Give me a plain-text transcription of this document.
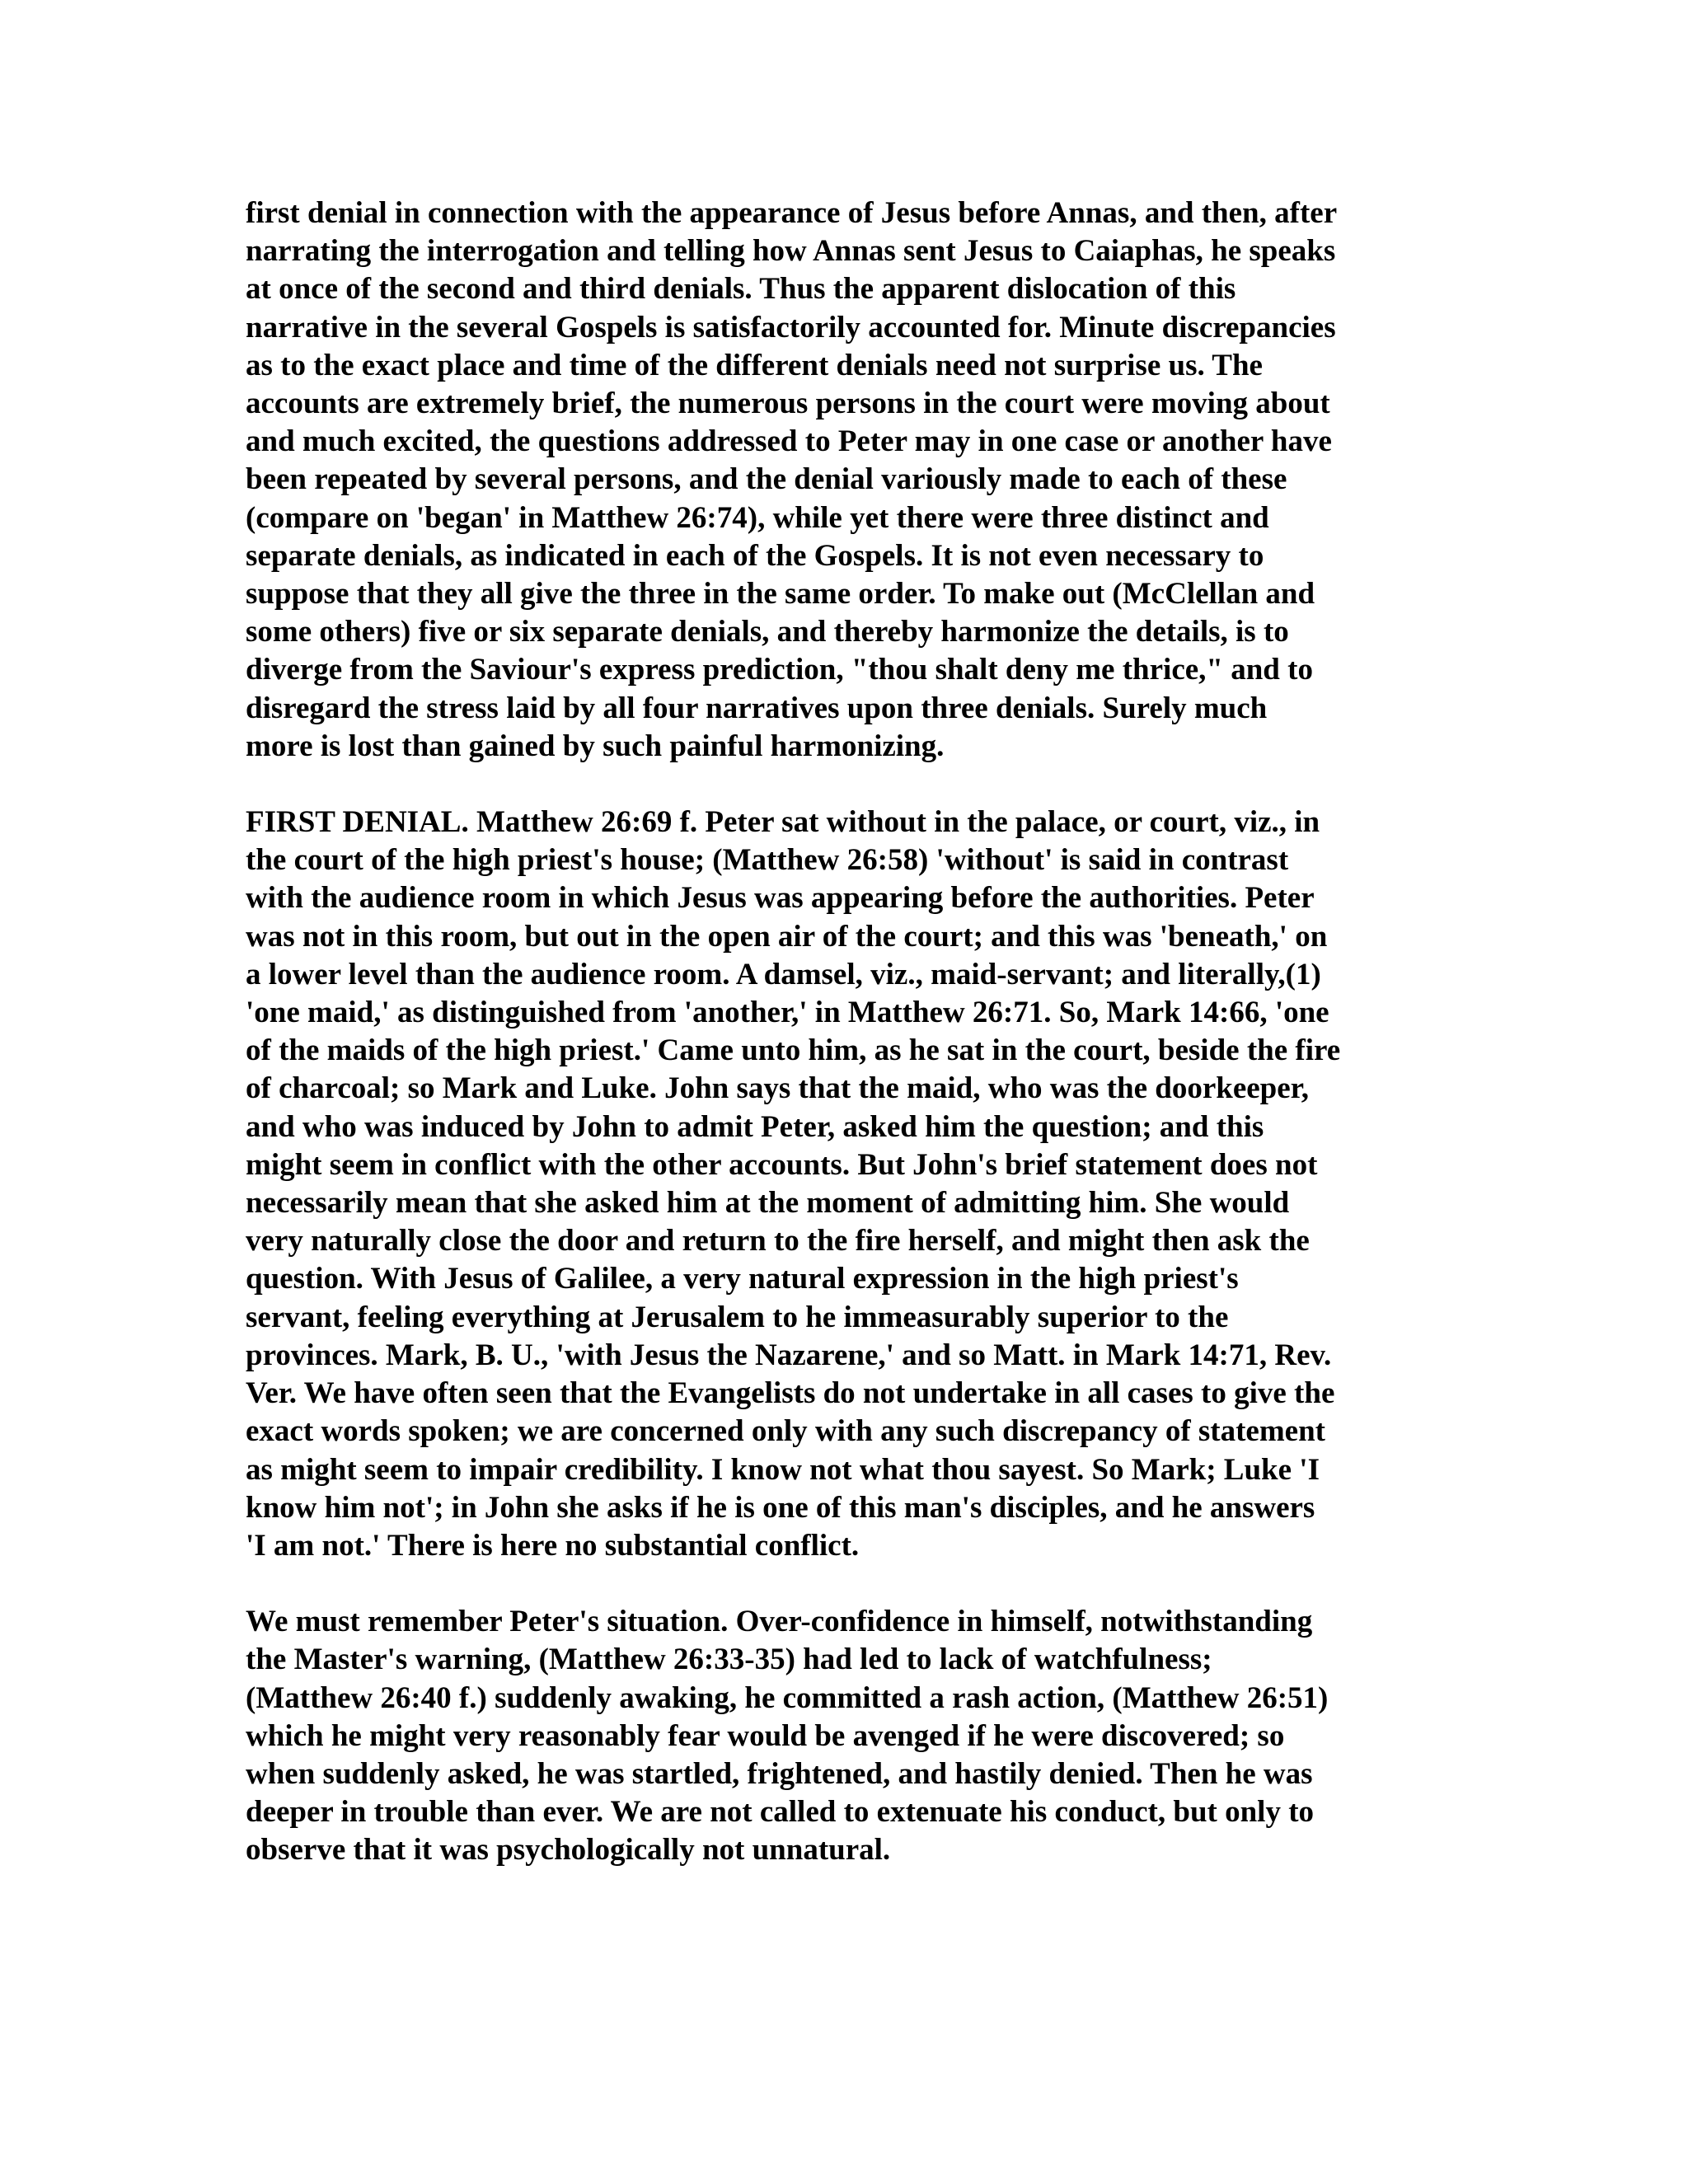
first denial in connection with the appearance of Jesus before Annas, and then, after
narrating the interrogation and telling how Annas sent Jesus to Caiaphas, he speaks
at once of the second and third denials. Thus the apparent dislocation of this
narrative in the several Gospels is satisfactorily accounted for. Minute discrepancies
as to the exact place and time of the different denials need not surprise us. The
accounts are extremely brief, the numerous persons in the court were moving about
and much excited, the questions addressed to Peter may in one case or another have
been repeated by several persons, and the denial variously made to each of these
(compare on 'began' in Matthew 26:74), while yet there were three distinct and
separate denials, as indicated in each of the Gospels. It is not even necessary to
suppose that they all give the three in the same order. To make out (McClellan and
some others) five or six separate denials, and thereby harmonize the details, is to
diverge from the Saviour's express prediction, "thou shalt deny me thrice," and to
disregard the stress laid by all four narratives upon three denials. Surely much
more is lost than gained by such painful harmonizing.
FIRST DENIAL. Matthew 26:69 f. Peter sat without in the palace, or court, viz., in
the court of the high priest's house; (Matthew 26:58) 'without' is said in contrast
with the audience room in which Jesus was appearing before the authorities. Peter
was not in this room, but out in the open air of the court; and this was 'beneath,' on
a lower level than the audience room. A damsel, viz., maid-servant; and literally,(1)
'one maid,' as distinguished from 'another,' in Matthew 26:71. So, Mark 14:66, 'one
of the maids of the high priest.' Came unto him, as he sat in the court, beside the fire
of charcoal; so Mark and Luke. John says that the maid, who was the doorkeeper,
and who was induced by John to admit Peter, asked him the question; and this
might seem in conflict with the other accounts. But John's brief statement does not
necessarily mean that she asked him at the moment of admitting him. She would
very naturally close the door and return to the fire herself, and might then ask the
question. With Jesus of Galilee, a very natural expression in the high priest's
servant, feeling everything at Jerusalem to he immeasurably superior to the
provinces. Mark, B. U., 'with Jesus the Nazarene,' and so Matt. in Mark 14:71, Rev.
Ver. We have often seen that the Evangelists do not undertake in all cases to give the
exact words spoken; we are concerned only with any such discrepancy of statement
as might seem to impair credibility. I know not what thou sayest. So Mark; Luke 'I
know him not'; in John she asks if he is one of this man's disciples, and he answers
'I am not.' There is here no substantial conflict.
We must remember Peter's situation. Over-confidence in himself, notwithstanding
the Master's warning, (Matthew 26:33-35) had led to lack of watchfulness;
(Matthew 26:40 f.) suddenly awaking, he committed a rash action, (Matthew 26:51)
which he might very reasonably fear would be avenged if he were discovered; so
when suddenly asked, he was startled, frightened, and hastily denied. Then he was
deeper in trouble than ever. We are not called to extenuate his conduct, but only to
observe that it was psychologically not unnatural.
